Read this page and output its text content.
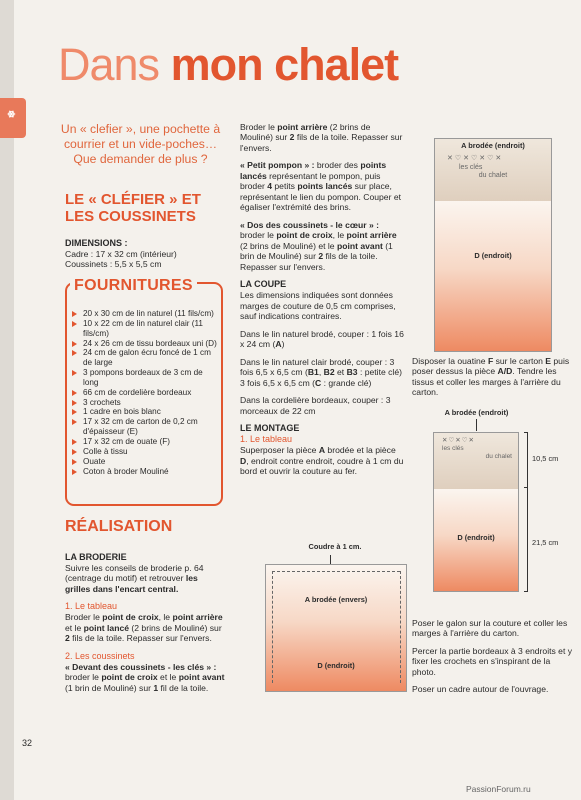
❄
Dans mon chalet
Un « clefier », une pochette à courrier et un vide-poches… Que demander de plus ?
LE « CLÉFIER » ET LES COUSSINETS
DIMENSIONS :
Cadre : 17 x 32 cm (intérieur)
Coussinets : 5,5 x 5,5 cm
FOURNITURES
20 x 30 cm de lin naturel (11 fils/cm)
10 x 22 cm de lin naturel clair (11 fils/cm)
24 x 26 cm de tissu bordeaux uni (D)
24 cm de galon écru foncé de 1 cm de large
3 pompons bordeaux de 3 cm de long
66 cm de cordelière bordeaux
3 crochets
1 cadre en bois blanc
17 x 32 cm de carton de 0,2 cm d'épaisseur (E)
17 x 32 cm de ouate (F)
Colle à tissu
Ouate
Coton à broder Mouliné
RÉALISATION
LA BRODERIE

Suivre les conseils de broderie p. 64 (centrage du motif) et retrouver les grilles dans l'encart central.

1. Le tableau

Broder le point de croix, le point arrière et le point lancé (2 brins de Mouliné) sur 2 fils de la toile. Repasser sur l'envers.

2. Les coussinets

« Devant des coussinets - les clés » : broder le point de croix et le point avant (1 brin de Mouliné) sur 1 fil de la toile.

Broder le point arrière (2 brins de Mouliné) sur 2 fils de la toile. Repasser sur l'envers.

« Petit pompon » : broder des points lancés représentant le pompon, puis broder 4 petits points lancés sur place, représentant le lien du pompon. Couper et égaliser l'extrémité des brins.

« Dos des coussinets - le cœur » : broder le point de croix, le point arrière (2 brins de Mouliné) et le point avant (1 brin de Mouliné) sur 2 fils de la toile. Repasser sur l'envers.

LA COUPE

Les dimensions indiquées sont données marges de couture de 0,5 cm comprises, sauf indications contraires.

Dans le lin naturel brodé, couper : 1 fois 16 x 24 cm (A)

Dans le lin naturel clair brodé, couper : 3 fois 6,5 x 6,5 cm (B1, B2 et B3 : petite clé) 3 fois 6,5 x 6,5 cm (C : grande clé)

Dans la cordelière bordeaux, couper : 3 morceaux de 22 cm

LE MONTAGE
1. Le tableau

Superposer la pièce A brodée et la pièce D, endroit contre endroit, coudre à 1 cm du bord et ouvrir la couture au fer.

Coudre à 1 cm.
A brodée (envers)
D (endroit)
A brodée (endroit)
✕♡✕♡✕♡✕
les clés
du chalet
D (endroit)

Disposer la ouatine F sur le carton E puis poser dessus la pièce A/D. Tendre les tissus et coller les marges à l'arrière du carton.

A brodée (endroit)
✕♡✕♡✕
les clés
du chalet
D (endroit)
10,5 cm
21,5 cm

Poser le galon sur la couture et coller les marges à l'arrière du carton.

Percer la partie bordeaux à 3 endroits et y fixer les crochets en s'inspirant de la photo.

Poser un cadre autour de l'ouvrage.

32
PassionForum.ru
